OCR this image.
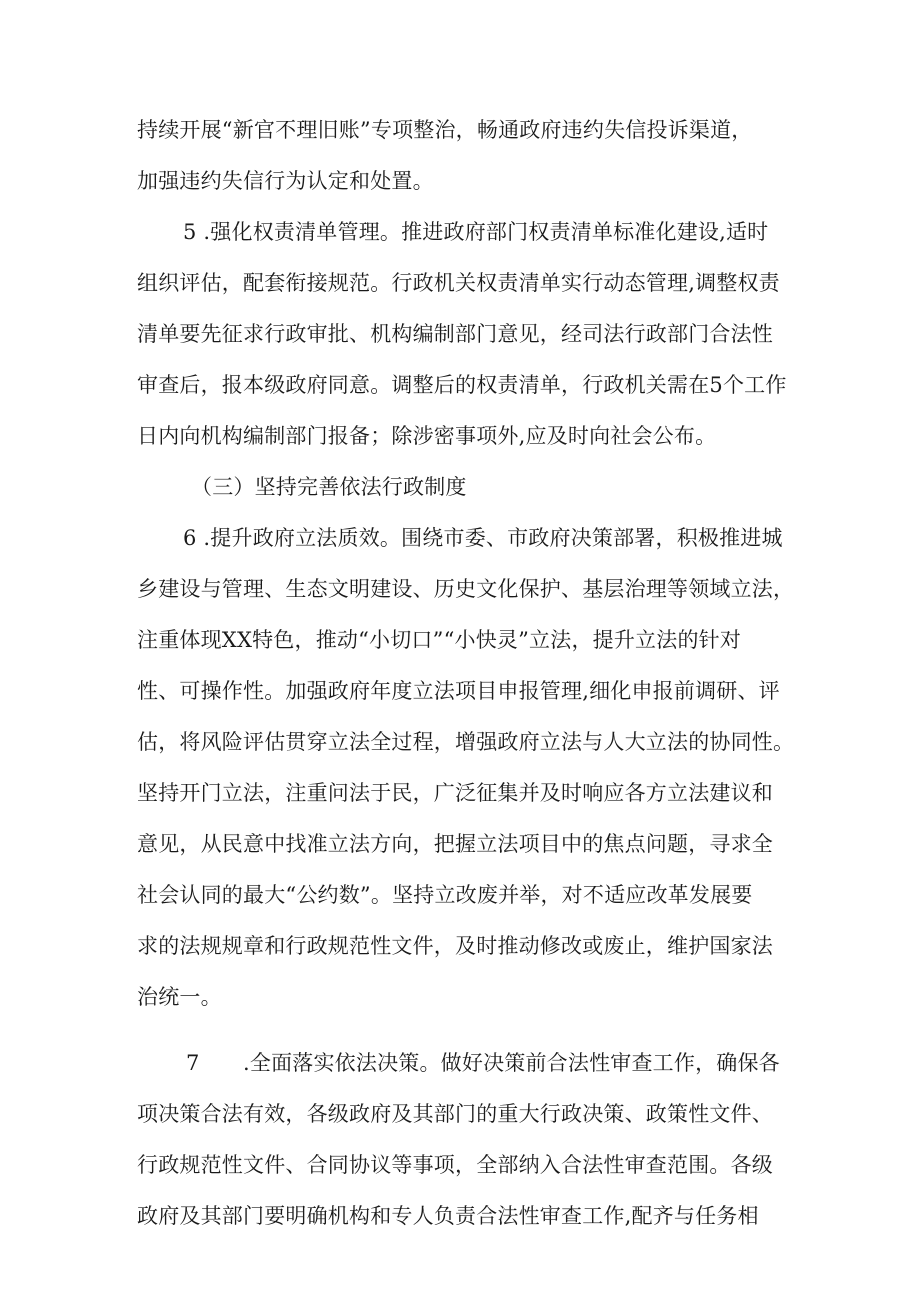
持续开展“新官不理旧账”专项整治，畅通政府违约失信投诉渠道，
加强违约失信行为认定和处置。
5 .强化权责清单管理。推进政府部门权责清单标准化建设,适时
组织评估，配套衔接规范。行政机关权责清单实行动态管理,调整权责
清单要先征求行政审批、机构编制部门意见，经司法行政部门合法性
审查后，报本级政府同意。调整后的权责清单，行政机关需在5个工作
日内向机构编制部门报备；除涉密事项外,应及时向社会公布。
（三）坚持完善依法行政制度
6 .提升政府立法质效。围绕市委、市政府决策部署，积极推进城
乡建设与管理、生态文明建设、历史文化保护、基层治理等领域立法，
注重体现XX特色，推动“小切口”“小快灵”立法，提升立法的针对
性、可操作性。加强政府年度立法项目申报管理,细化申报前调研、评
估，将风险评估贯穿立法全过程，增强政府立法与人大立法的协同性。
坚持开门立法，注重问法于民，广泛征集并及时响应各方立法建议和
意见，从民意中找准立法方向，把握立法项目中的焦点问题，寻求全
社会认同的最大“公约数”。坚持立改废并举，对不适应改革发展要
求的法规规章和行政规范性文件，及时推动修改或废止，维护国家法
治统一。
7 .全面落实依法决策。做好决策前合法性审查工作，确保各
项决策合法有效，各级政府及其部门的重大行政决策、政策性文件、
行政规范性文件、合同协议等事项，全部纳入合法性审查范围。各级
政府及其部门要明确机构和专人负责合法性审查工作,配齐与任务相
